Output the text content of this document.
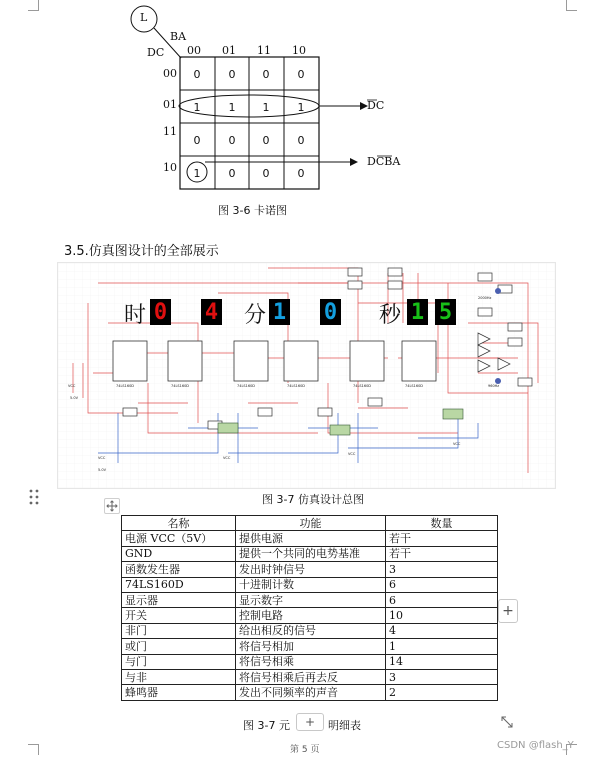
L
BA
DC 00 01 11 10
00
01
11
10
0	0	0	0
1	1	1	1
0	0	0	0
1	0	0	0
DC
DCBA
图 3-6 卡诺图
3.5.仿真图设计的全部展示
74LS160D	74LS160D	74LS160D	74LS160D	74LS160D	74LS160D
VCC
5.0V
VCC
5.0V
VCC
VCC
VCC
2000Hz
960Hz
时 0 4 分 1 0 秒 1 5
图 3-7 仿真设计总图
名称	功能	数量
电源 VCC（5V）	提供电源	若干
GND	提供一个共同的电势基准	若干
函数发生器	发出时钟信号	3
74LS160D	十进制计数	6
显示器	显示数字	6
开关	控制电路	10
非门	给出相反的信号	4
或门	将信号相加	1
与门	将信号相乘	14
与非	将信号相乘后再去反	3
蜂鸣器	发出不同频率的声音	2
+
图 3-7 元	+	明细表
第 5 页	CSDN @flash_Y
